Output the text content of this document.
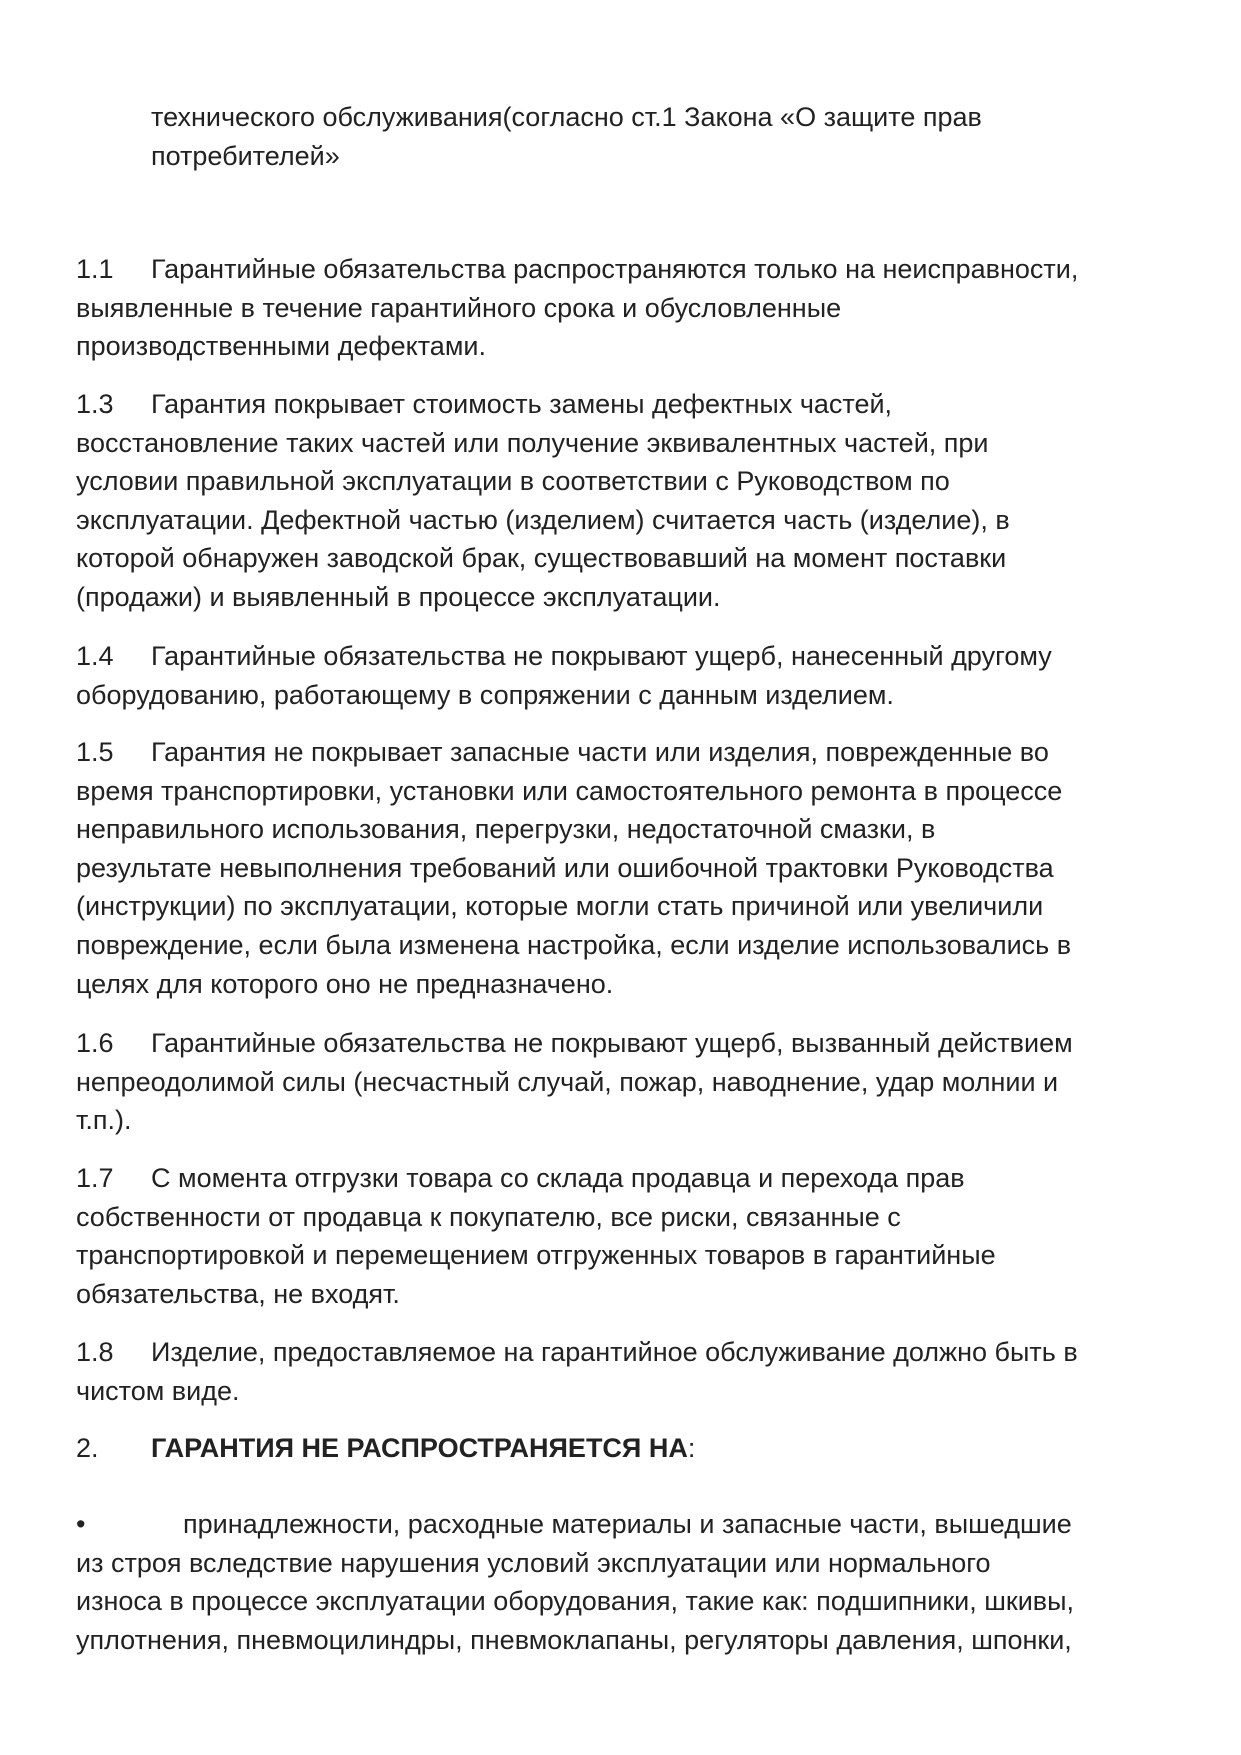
технического обслуживания(согласно ст.1 Закона «О защите прав
потребителей»

1.1 Гарантийные обязательства распространяются только на неисправности,
выявленные в течение гарантийного срока и обусловленные
производственными дефектами.

1.3 Гарантия покрывает стоимость замены дефектных частей,
восстановление таких частей или получение эквивалентных частей, при
условии правильной эксплуатации в соответствии с Руководством по
эксплуатации. Дефектной частью (изделием) считается часть (изделие), в
которой обнаружен заводской брак, существовавший на момент поставки
(продажи) и выявленный в процессе эксплуатации.

1.4 Гарантийные обязательства не покрывают ущерб, нанесенный другому
оборудованию, работающему в сопряжении с данным изделием.

1.5 Гарантия не покрывает запасные части или изделия, поврежденные во
время транспортировки, установки или самостоятельного ремонта в процессе
неправильного использования, перегрузки, недостаточной смазки, в
результате невыполнения требований или ошибочной трактовки Руководства
(инструкции) по эксплуатации, которые могли стать причиной или увеличили
повреждение, если была изменена настройка, если изделие использовались в
целях для которого оно не предназначено.

1.6 Гарантийные обязательства не покрывают ущерб, вызванный действием
непреодолимой силы (несчастный случай, пожар, наводнение, удар молнии и
т.п.).

1.7 С момента отгрузки товара со склада продавца и перехода прав
собственности от продавца к покупателю, все риски, связанные с
транспортировкой и перемещением отгруженных товаров в гарантийные
обязательства, не входят.

1.8 Изделие, предоставляемое на гарантийное обслуживание должно быть в
чистом виде.

2. ГАРАНТИЯ НЕ РАСПРОСТРАНЯЕТСЯ НА:

•	принадлежности, расходные материалы и запасные части, вышедшие
из строя вследствие нарушения условий эксплуатации или нормального
износа в процессе эксплуатации оборудования, такие как: подшипники, шкивы,
уплотнения, пневмоцилиндры, пневмоклапаны, регуляторы давления, шпонки,
